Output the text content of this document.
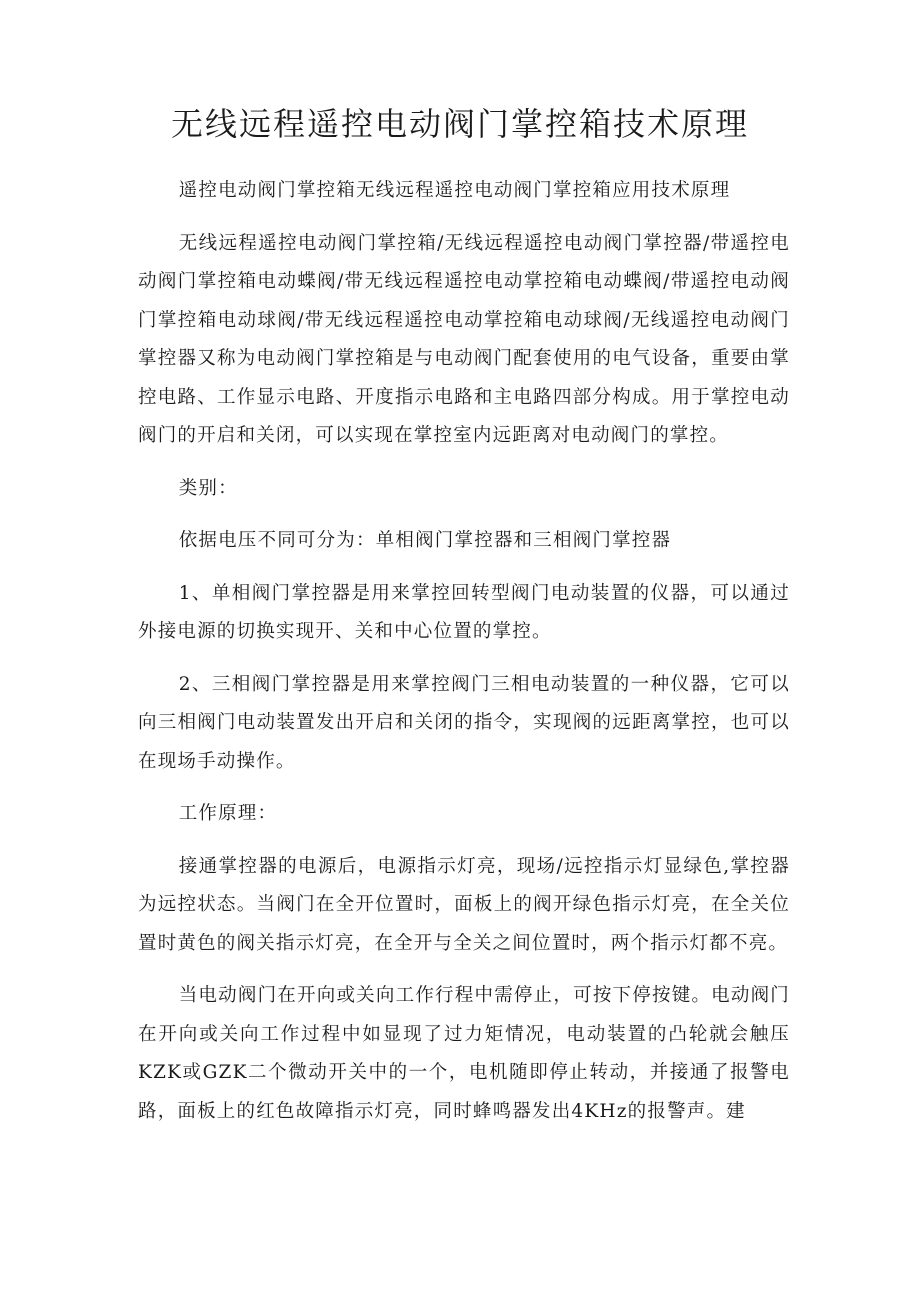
无线远程遥控电动阀门掌控箱技术原理

遥控电动阀门掌控箱无线远程遥控电动阀门掌控箱应用技术原理

无线远程遥控电动阀门掌控箱/无线远程遥控电动阀门掌控器/带遥控电动阀门掌控箱电动蝶阀/带无线远程遥控电动掌控箱电动蝶阀/带遥控电动阀门掌控箱电动球阀/带无线远程遥控电动掌控箱电动球阀/无线遥控电动阀门掌控器又称为电动阀门掌控箱是与电动阀门配套使用的电气设备，重要由掌控电路、工作显示电路、开度指示电路和主电路四部分构成。用于掌控电动阀门的开启和关闭，可以实现在掌控室内远距离对电动阀门的掌控。

类别：

依据电压不同可分为：单相阀门掌控器和三相阀门掌控器

1、单相阀门掌控器是用来掌控回转型阀门电动装置的仪器，可以通过外接电源的切换实现开、关和中心位置的掌控。

2、三相阀门掌控器是用来掌控阀门三相电动装置的一种仪器，它可以向三相阀门电动装置发出开启和关闭的指令，实现阀的远距离掌控，也可以在现场手动操作。

工作原理：

接通掌控器的电源后，电源指示灯亮，现场/远控指示灯显绿色,掌控器为远控状态。当阀门在全开位置时，面板上的阀开绿色指示灯亮，在全关位置时黄色的阀关指示灯亮，在全开与全关之间位置时，两个指示灯都不亮。

当电动阀门在开向或关向工作行程中需停止，可按下停按键。电动阀门在开向或关向工作过程中如显现了过力矩情况，电动装置的凸轮就会触压KZK或GZK二个微动开关中的一个，电机随即停止转动，并接通了报警电路，面板上的红色故障指示灯亮，同时蜂鸣器发出4KHz的报警声。建
